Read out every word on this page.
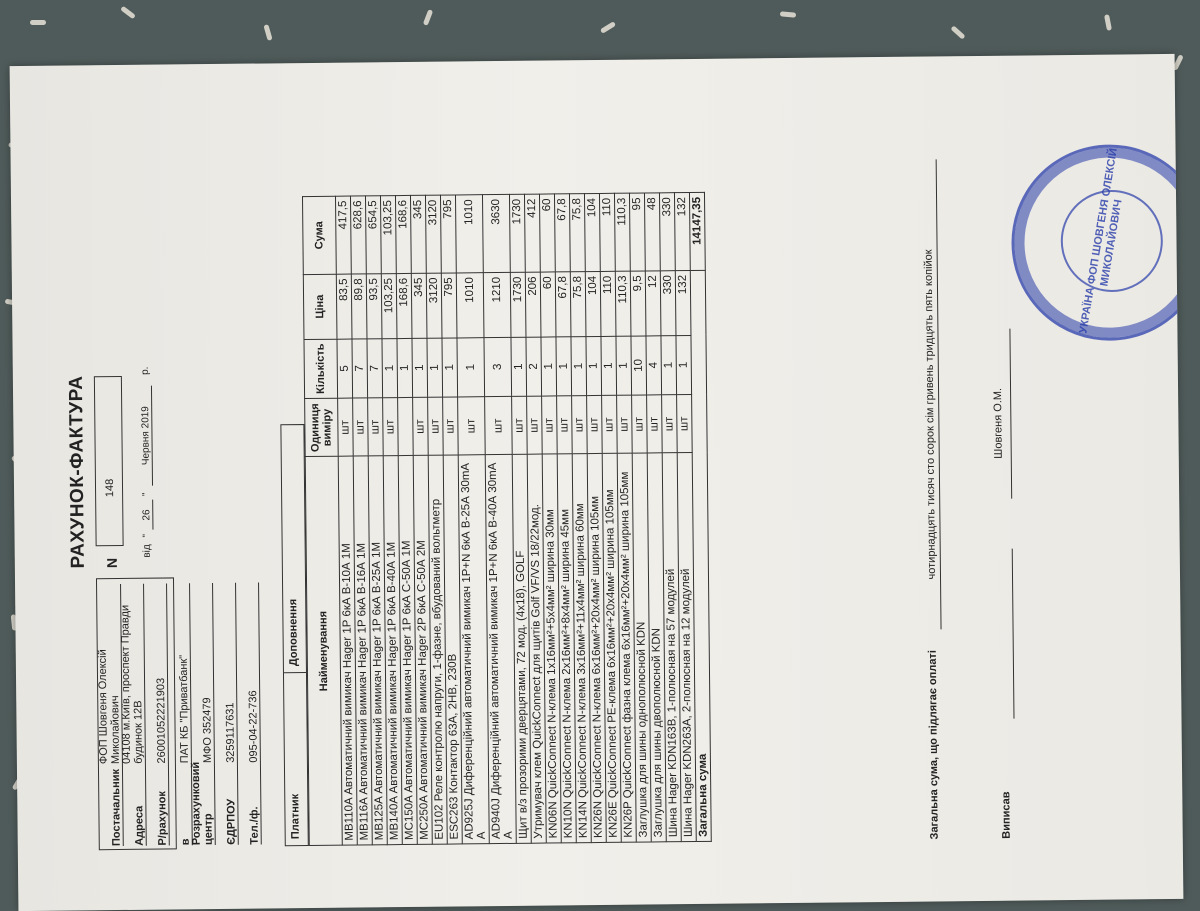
Постачальник
ФОП Шовгеня Олексій Миколайович
Адреса
04108 м.Київ, проспект Правди будинок 12В
Р/рахунок
26001052221903
в
ПАТ КБ "Приватбанк"
Розрахунковий центр
МФО 352479
ЄДРПОУ
3259117631
Тел./ф.
095-04-22-736
РАХУНОК-ФАКТУРА N
148
від "26" Червня 2019 р.
Платник
Доповнення	Найменування	Одиниця виміру	Кількість	Ціна	Сума
MB110A Автоматичний вимикач Hager 1P 6кА B-10А 1М	шт	5	83,5	417,5
MB116A Автоматичний вимикач Hager 1P 6кА B-16А 1М	шт	7	89,8	628,6
MB125A Автоматичний вимикач Hager 1P 6кА B-25А 1М	шт	7	93,5	654,5
MB140A Автоматичний вимикач Hager 1P 6кА B-40А 1М	шт	1	103,25	103,25
MC150A Автоматичний вимикач Hager 1P 6кА C-50А 1М		1	168,6	168,6
MC250A Автоматичний вимикач Hager 2P 6кА C-50А 2М	шт	1	345	345
EU102 Реле контролю напруги, 1-фазне, вбудований вольтметр	шт	1	3120	3120
ESC263 Контактор 63А, 2НВ, 230В	шт	1	795	795
AD925J Диференційний автоматичний вимикач 1P+N 6кА B-25А 30mA A	шт	1	1010	1010
AD940J Диференційний автоматичний вимикач 1P+N 6кА B-40А 30mA A	шт	3	1210	3630
Щит в/з прозорими дверцятами, 72 мод. (4x18), GOLF	шт	1	1730	1730
Утримувач клем QuickConnect для щитів Golf VF/VS 18/22мод.	шт	2	206	412
KN06N QuickConnect N-клема 1x16мм²+5x4мм² ширина 30мм	шт	1	60	60
KN10N QuickConnect N-клема 2x16мм²+8x4мм² ширина 45мм	шт	1	67,8	67,8
KN14N QuickConnect N-клема 3x16мм²+11x4мм² ширина 60мм	шт	1	75,8	75,8
KN26N QuickConnect N-клема 6x16мм²+20x4мм² ширина 105мм	шт	1	104	104
KN26E QuickConnect PE-клема 6x16мм²+20x4мм² ширина 105мм	шт	1	110	110
KN26P QuickConnect фазна клема 6x16мм²+20x4мм² ширина 105мм	шт	1	110,3	110,3
Заглушка для шины однополюсной KDN	шт	10	9,5	95
Заглушка для шины двополюсной KDN	шт	4	12	48
Шина Hager KDN163B, 1-полюсная на 57 модулей	шт	1	330	330
Шина Hager KDN263A, 2-полюсная на 12 модулей	шт	1	132	132
Загальна сума				14147,35
Загальна сума, що підлягає оплаті
чотирнадцять тисяч сто сорок сім гривень тридцять пять копійок
Виписав
Шовгеня О.М.
УКРАЇНА ФОП ШОВГЕНЯ ОЛЕКСІЙ МИКОЛАЙОВИЧ
